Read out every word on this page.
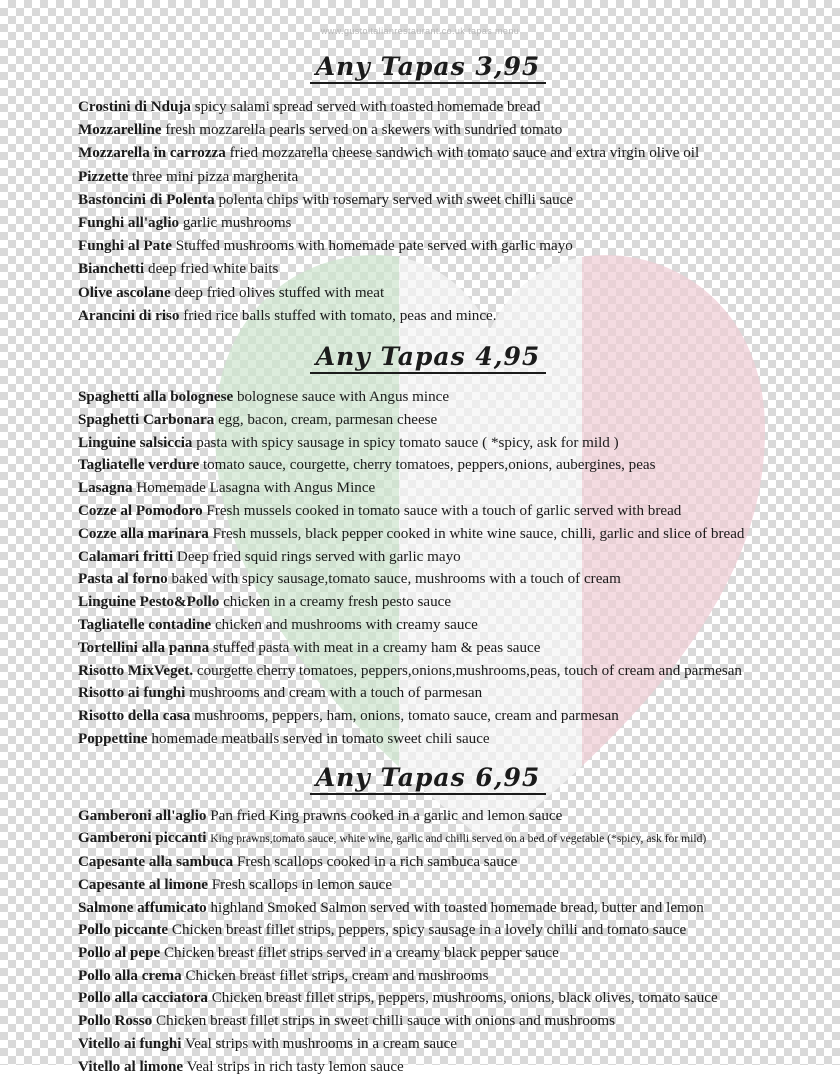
www.gustoitalianrestaurant.co.uk tapas menu
Any Tapas 3,95

Crostini di Nduja spicy salami spread served with toasted homemade bread

Mozzarelline fresh mozzarella pearls served on a skewers with sundried tomato

Mozzarella in carrozza fried mozzarella cheese sandwich with tomato sauce and extra virgin olive oil

Pizzette three mini pizza margherita

Bastoncini di Polenta polenta chips with rosemary served with sweet chilli sauce

Funghi all'aglio garlic mushrooms

Funghi al Pate Stuffed mushrooms with homemade pate served with garlic mayo

Bianchetti deep fried white baits

Olive ascolane deep fried olives stuffed with meat

Arancini di riso fried rice balls stuffed with tomato, peas and mince.

Any Tapas 4,95

Spaghetti alla bolognese bolognese sauce with Angus mince

Spaghetti Carbonara egg, bacon, cream, parmesan cheese

Linguine salsiccia pasta with spicy sausage in spicy tomato sauce ( *spicy, ask for mild )

Tagliatelle verdure tomato sauce, courgette, cherry tomatoes, peppers,onions, aubergines, peas

Lasagna Homemade Lasagna with Angus Mince

Cozze al Pomodoro Fresh mussels cooked in tomato sauce with a touch of garlic served with bread

Cozze alla marinara Fresh mussels, black pepper cooked in white wine sauce, chilli, garlic and slice of bread

Calamari fritti Deep fried squid rings served with garlic mayo

Pasta al forno baked with spicy sausage,tomato sauce, mushrooms with a touch of cream

Linguine Pesto&Pollo chicken in a creamy fresh pesto sauce

Tagliatelle contadine chicken and mushrooms with creamy sauce

Tortellini alla panna stuffed pasta with meat in a creamy ham & peas sauce

Risotto MixVeget. courgette cherry tomatoes, peppers,onions,mushrooms,peas, touch of cream and parmesan

Risotto ai funghi mushrooms and cream with a touch of parmesan

Risotto della casa mushrooms, peppers, ham, onions, tomato sauce, cream and parmesan

Poppettine homemade meatballs served in tomato sweet chili sauce

Any Tapas 6,95

Gamberoni all'aglio Pan fried King prawns cooked in a garlic and lemon sauce

Gamberoni piccanti King prawns,tomato sauce, white wine, garlic and chilli served on a bed of vegetable (*spicy, ask for mild)

Capesante alla sambuca Fresh scallops cooked in a rich sambuca sauce

Capesante al limone Fresh scallops in lemon sauce

Salmone affumicato highland Smoked Salmon served with toasted homemade bread, butter and lemon

Pollo piccante Chicken breast fillet strips, peppers, spicy sausage in a lovely chilli and tomato sauce

Pollo al pepe Chicken breast fillet strips served in a creamy black pepper sauce

Pollo alla crema Chicken breast fillet strips, cream and mushrooms

Pollo alla cacciatora Chicken breast fillet strips, peppers, mushrooms, onions, black olives, tomato sauce

Pollo Rosso Chicken breast fillet strips in sweet chilli sauce with onions and mushrooms

Vitello ai funghi Veal strips with mushrooms in a cream sauce

Vitello al limone Veal strips in rich tasty lemon sauce
